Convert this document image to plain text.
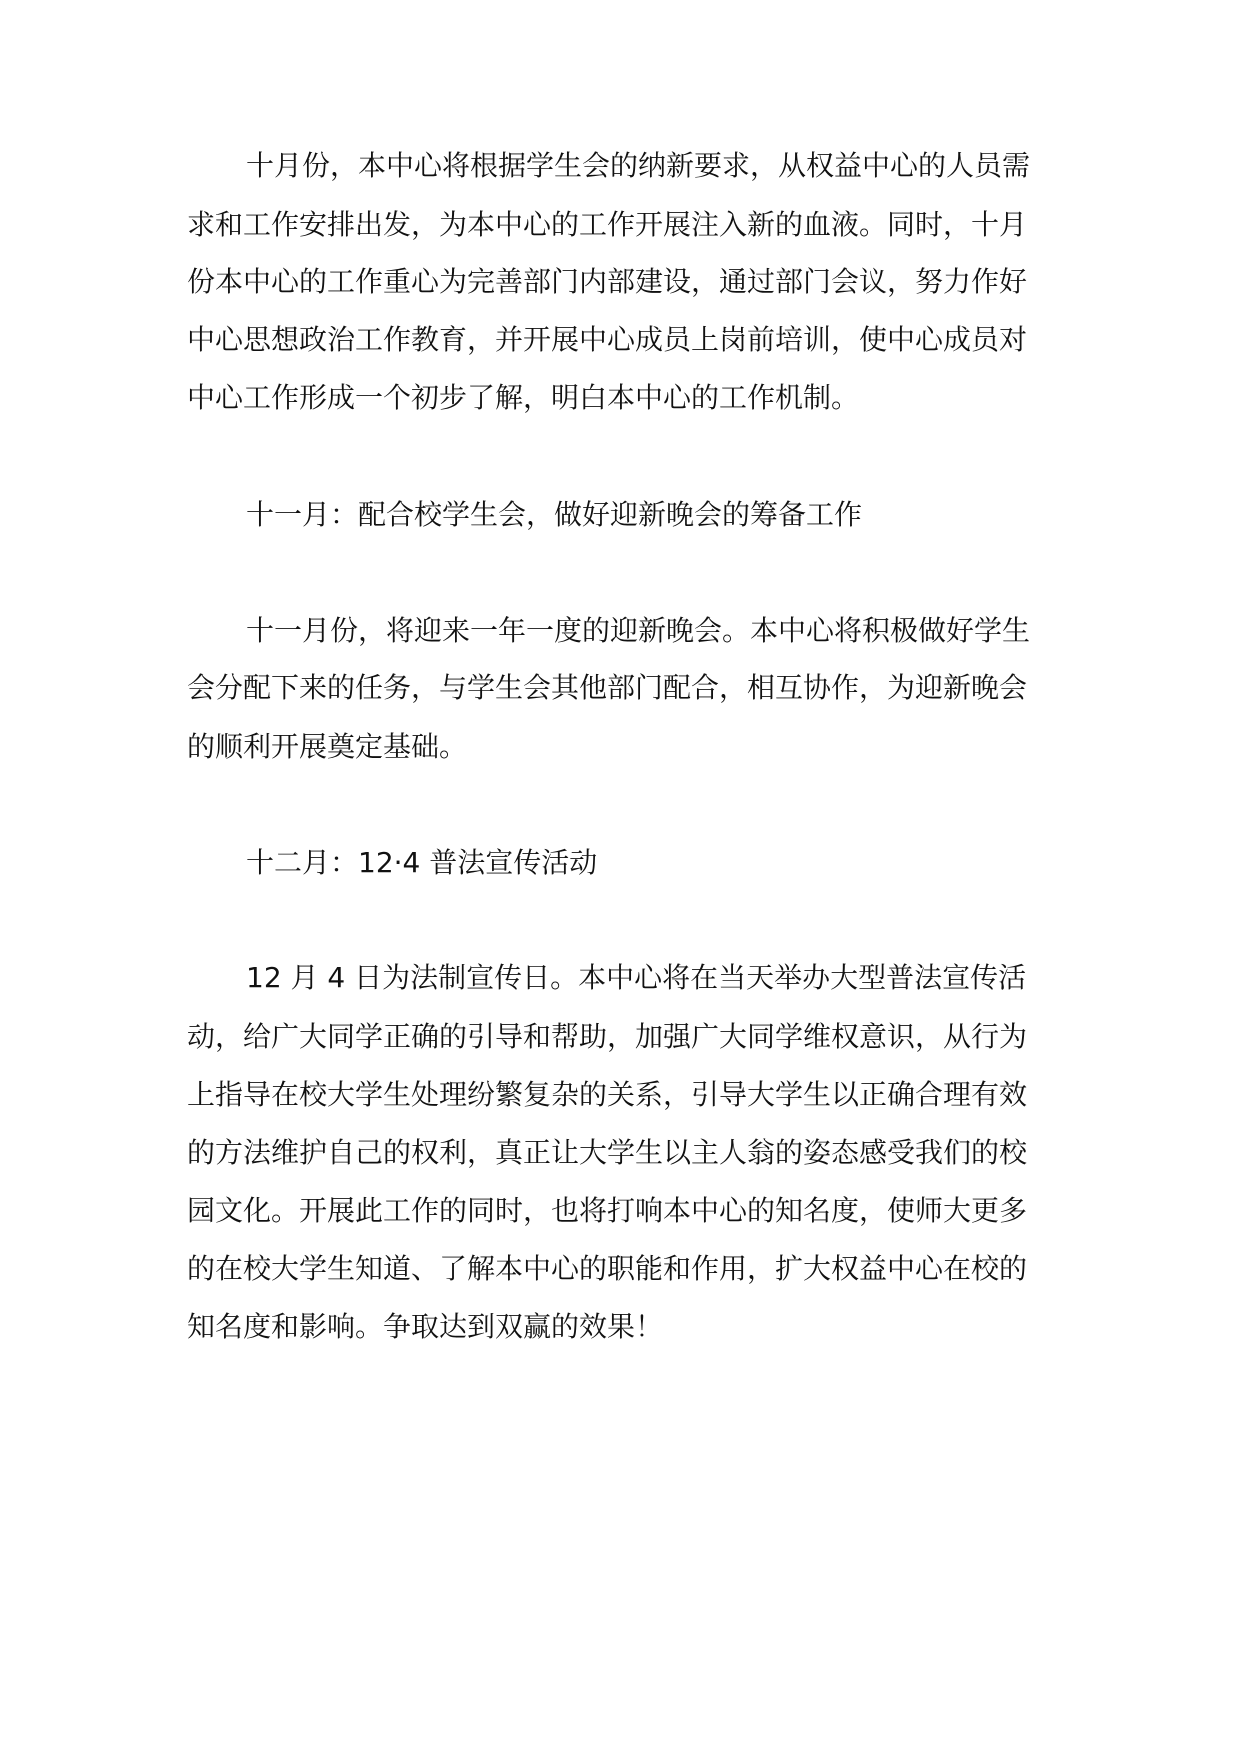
十月份，本中心将根据学生会的纳新要求，从权益中心的人员需
求和工作安排出发，为本中心的工作开展注入新的血液。同时，十月
份本中心的工作重心为完善部门内部建设，通过部门会议，努力作好
中心思想政治工作教育，并开展中心成员上岗前培训，使中心成员对
中心工作形成一个初步了解，明白本中心的工作机制。
十一月：配合校学生会，做好迎新晚会的筹备工作
十一月份，将迎来一年一度的迎新晚会。本中心将积极做好学生
会分配下来的任务，与学生会其他部门配合，相互协作，为迎新晚会
的顺利开展奠定基础。
十二月：12·4 普法宣传活动
12 月 4 日为法制宣传日。本中心将在当天举办大型普法宣传活
动，给广大同学正确的引导和帮助，加强广大同学维权意识，从行为
上指导在校大学生处理纷繁复杂的关系，引导大学生以正确合理有效
的方法维护自己的权利，真正让大学生以主人翁的姿态感受我们的校
园文化。开展此工作的同时，也将打响本中心的知名度，使师大更多
的在校大学生知道、了解本中心的职能和作用，扩大权益中心在校的
知名度和影响。争取达到双赢的效果！
